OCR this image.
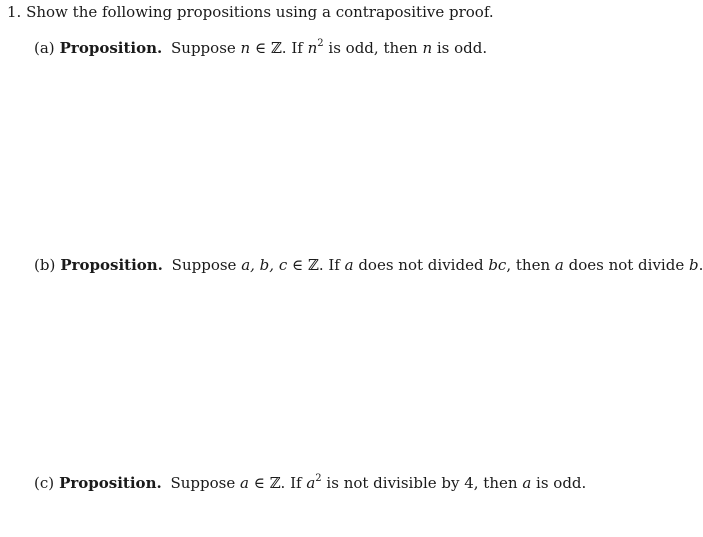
1. Show the following propositions using a contrapositive proof.
(a) Proposition. Suppose n ∈ ℤ. If $n^2$ is odd, then n is odd.
(b) Proposition. Suppose a, b, c ∈ ℤ. If a does not divided bc, then a does not divide b.
(c) Proposition. Suppose a ∈ ℤ. If $a^2$ is not divisible by 4, then a is odd.
